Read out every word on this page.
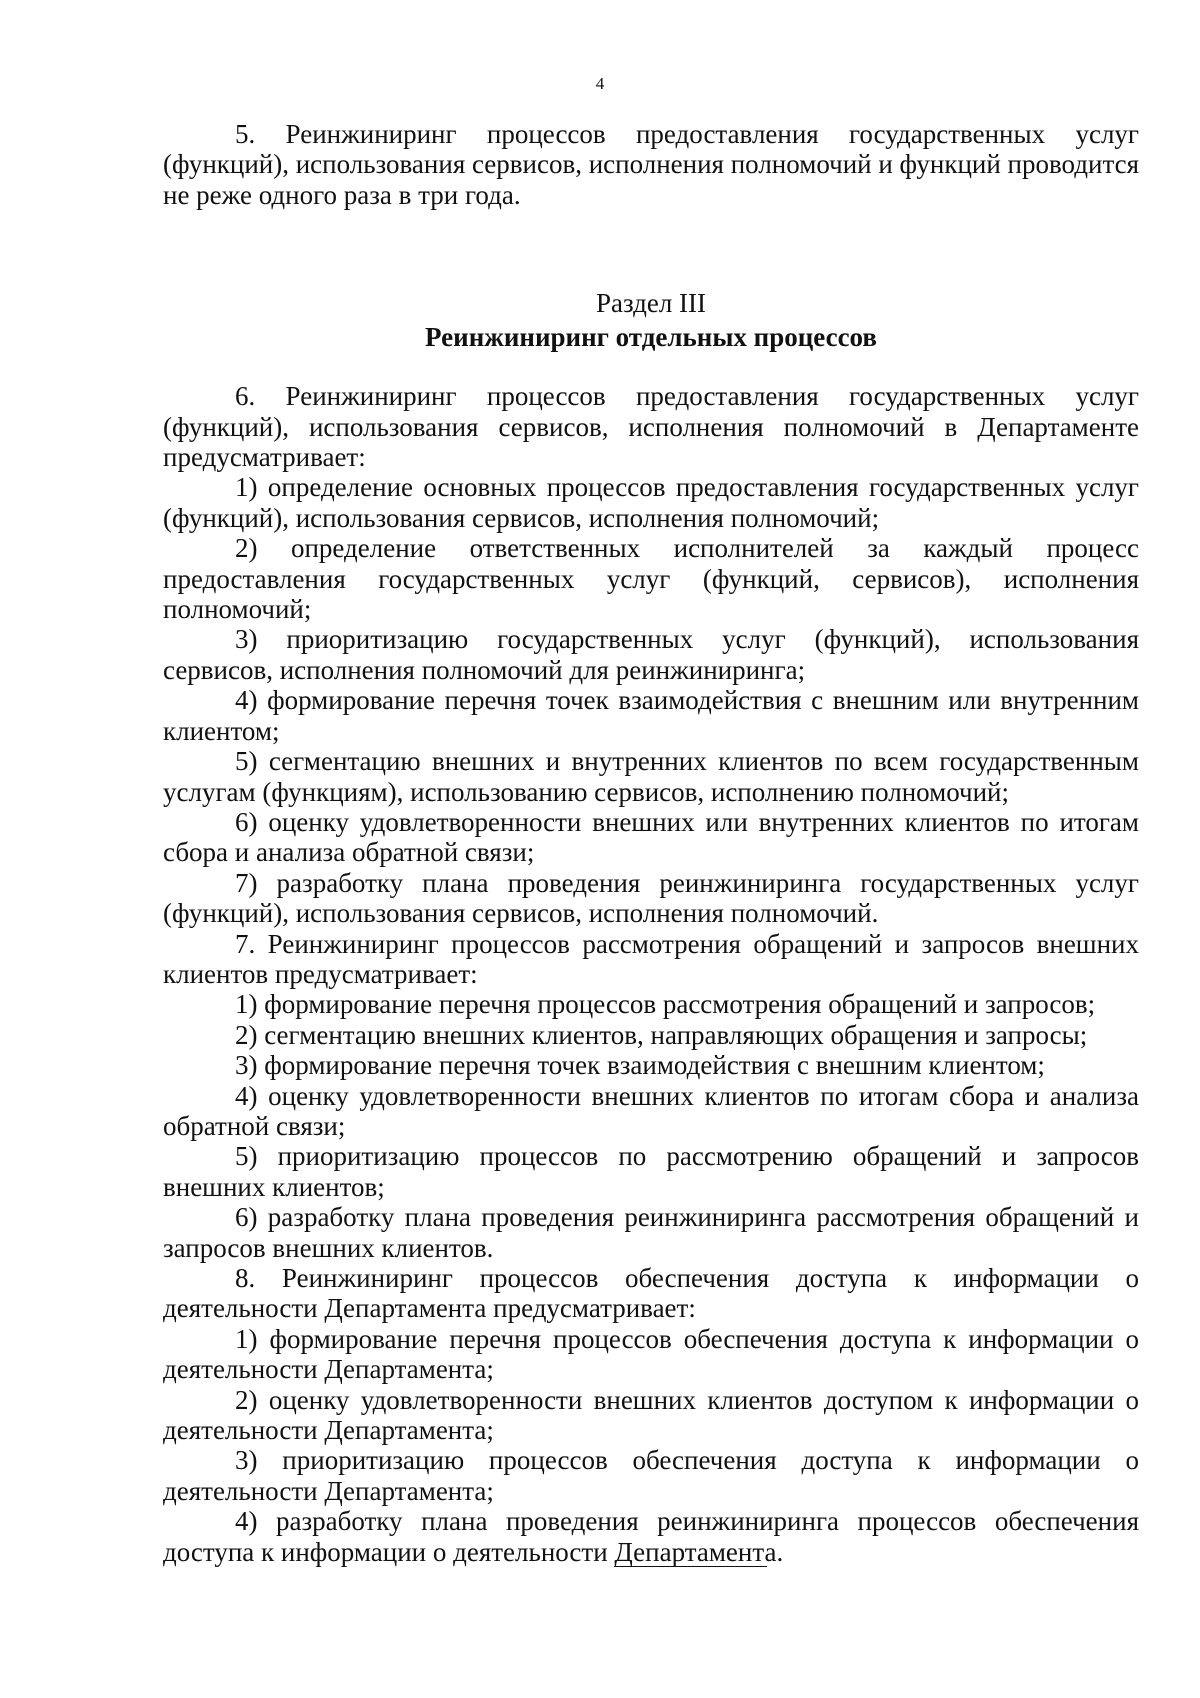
4

5. Реинжиниринг процессов предоставления государственных услуг (функций), использования сервисов, исполнения полномочий и функций проводится не реже одного раза в три года.

Раздел III
Реинжиниринг отдельных процессов

6. Реинжиниринг процессов предоставления государственных услуг (функций), использования сервисов, исполнения полномочий в Департаменте предусматривает:

1) определение основных процессов предоставления государственных услуг (функций), использования сервисов, исполнения полномочий;

2) определение ответственных исполнителей за каждый процесс предоставления государственных услуг (функций, сервисов), исполнения полномочий;

3) приоритизацию государственных услуг (функций), использования сервисов, исполнения полномочий для реинжиниринга;

4) формирование перечня точек взаимодействия с внешним или внутренним клиентом;

5) сегментацию внешних и внутренних клиентов по всем государственным услугам (функциям), использованию сервисов, исполнению полномочий;

6) оценку удовлетворенности внешних или внутренних клиентов по итогам сбора и анализа обратной связи;

7) разработку плана проведения реинжиниринга государственных услуг (функций), использования сервисов, исполнения полномочий.

7. Реинжиниринг процессов рассмотрения обращений и запросов внешних клиентов предусматривает:

1) формирование перечня процессов рассмотрения обращений и запросов;

2) сегментацию внешних клиентов, направляющих обращения и запросы;

3) формирование перечня точек взаимодействия с внешним клиентом;

4) оценку удовлетворенности внешних клиентов по итогам сбора и анализа обратной связи;

5) приоритизацию процессов по рассмотрению обращений и запросов внешних клиентов;

6) разработку плана проведения реинжиниринга рассмотрения обращений и запросов внешних клиентов.

8. Реинжиниринг процессов обеспечения доступа к информации о деятельности Департамента предусматривает:

1) формирование перечня процессов обеспечения доступа к информации о деятельности Департамента;

2) оценку удовлетворенности внешних клиентов доступом к информации о деятельности Департамента;

3) приоритизацию процессов обеспечения доступа к информации о деятельности Департамента;

4) разработку плана проведения реинжиниринга процессов обеспечения доступа к информации о деятельности Департамента.
